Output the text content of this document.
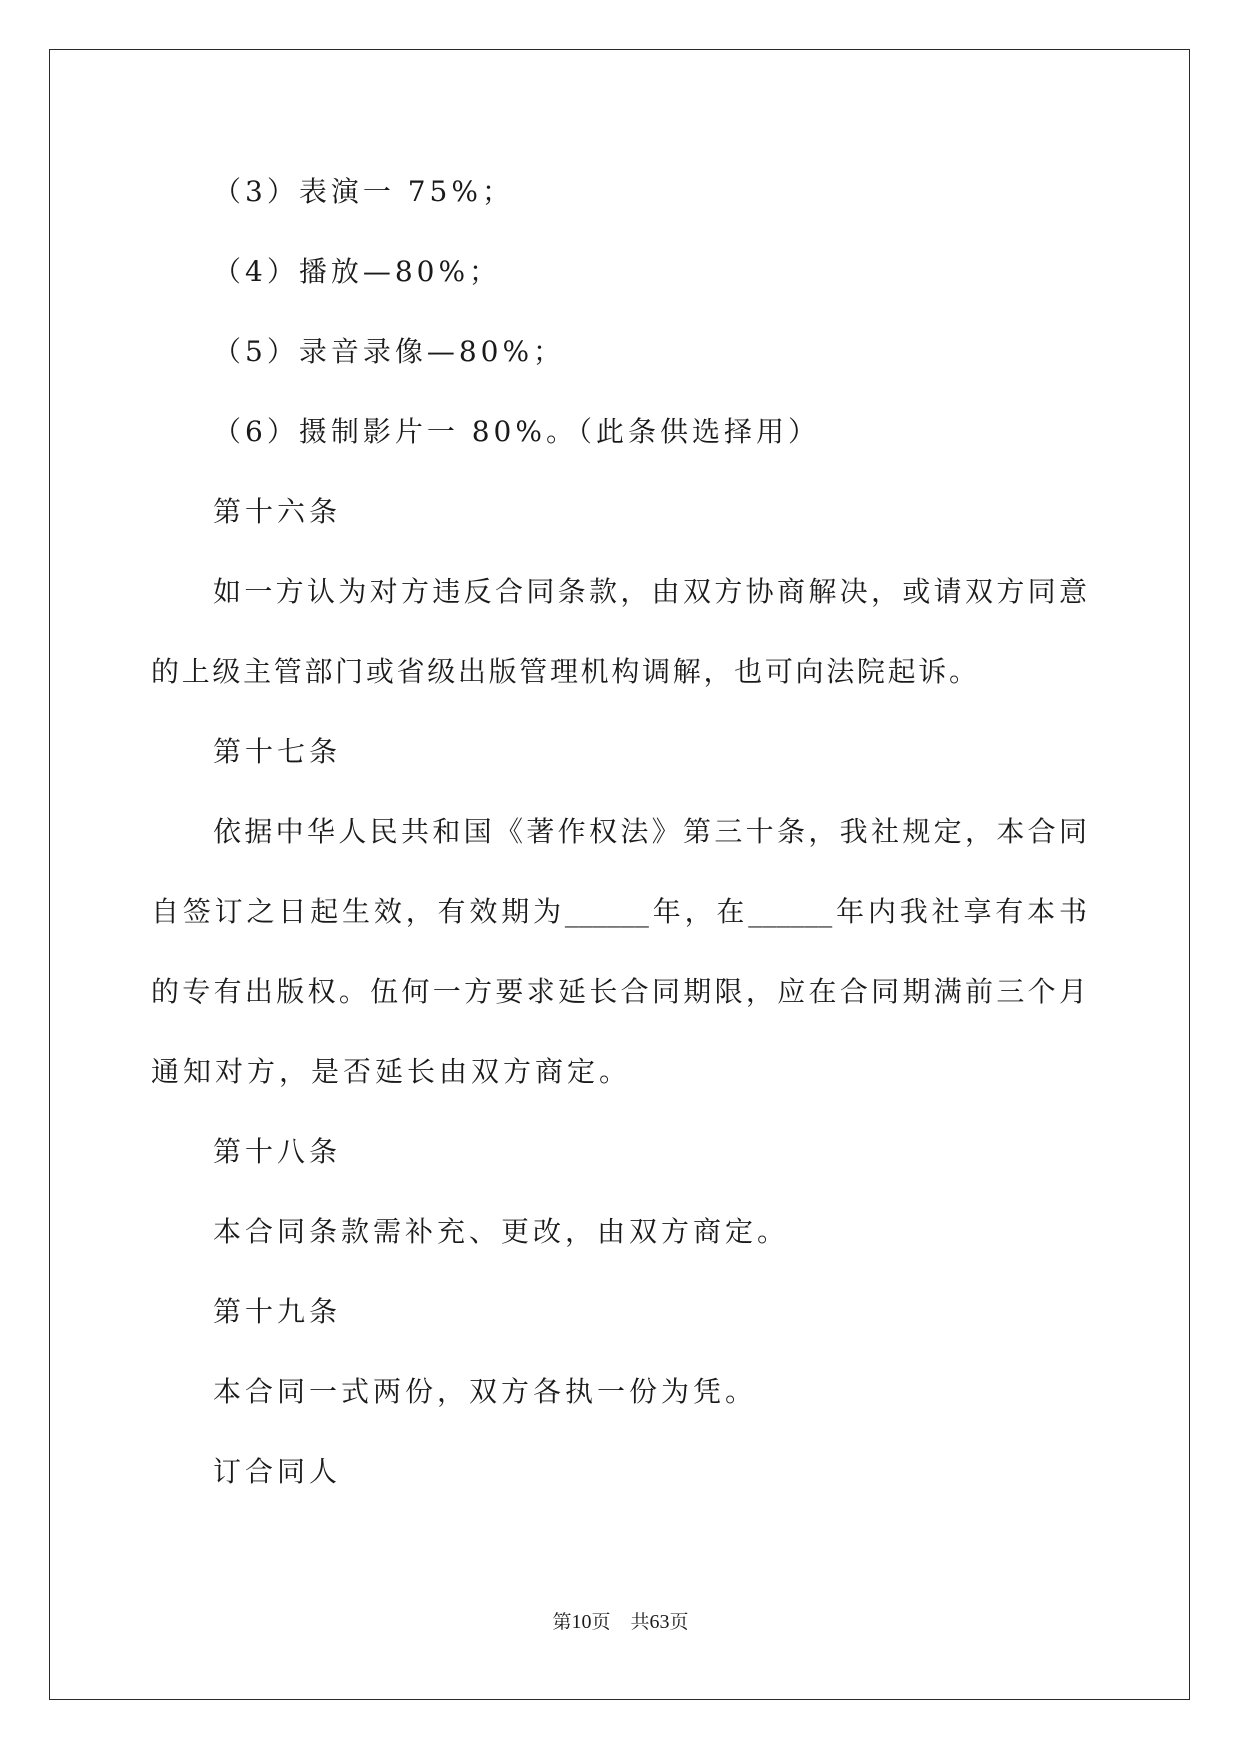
（3）表演一 75%；
（4）播放—80%；
（5）录音录像—80%；
（6）摄制影片一 80%。（此条供选择用）
第十六条
如一方认为对方违反合同条款，由双方协商解决，或请双方同意
的上级主管部门或省级出版管理机构调解，也可向法院起诉。
第十七条
依据中华人民共和国《著作权法》第三十条，我社规定，本合同
自签订之日起生效，有效期为______年，在______年内我社享有本书
的专有出版权。伍何一方要求延长合同期限，应在合同期满前三个月
通知对方，是否延长由双方商定。
第十八条
本合同条款需补充、更改，由双方商定。
第十九条
本合同一式两份，双方各执一份为凭。
订合同人
第10页 共63页
